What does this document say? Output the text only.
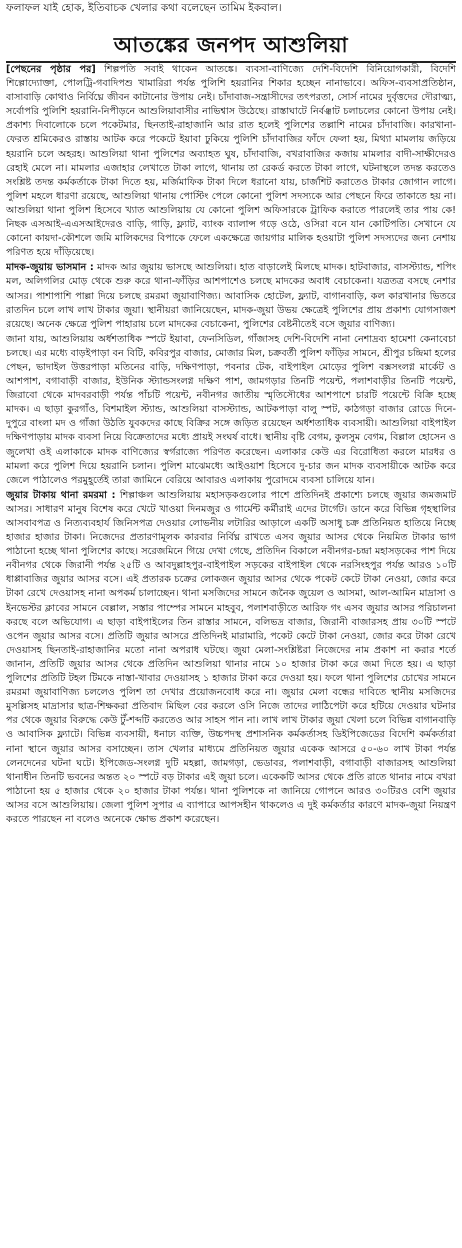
ফলাফল যাই হোক, ইতিবাচক খেলার কথা বলেছেন তামিম ইকবাল।
আতঙ্কের জনপদ আশুলিয়া

[পেছনের পৃষ্ঠার পর] শিল্পপতি সবাই থাকেন আতঙ্কে। ব্যবসা-বাণিজ্যে দেশি-বিদেশি বিনিয়োগকারী, বিদেশি শিল্পোদ্যোক্তা, পোলট্রি-গবাদিপশু খামারিরা পর্যন্ত পুলিশি হয়রানির শিকার হচ্ছেন নানাভাবে। অফিস-ব্যবসাপ্রতিষ্ঠান, বাসাবাড়ি কোথাও নির্বিঘ্নে জীবন কাটানোর উপায় নেই। চাঁদাবাজ-সন্ত্রাসীদের তৎপরতা, সোর্স নামের দুর্বৃত্তদের দৌরাত্ম্য, সর্বোপরি পুলিশি হয়রানি-নিপীড়নে আশুলিয়াবাসীর নাভিশ্বাস উঠেছে। রাস্তাঘাটে নির্বঞ্ঝাট চলাচলের কোনো উপায় নেই। প্রকাশ্য দিবালোকে চলে পকেটমার, ছিনতাই-রাহাজানি আর রাত হলেই পুলিশের তল্লাশি নামের চাঁদাবাজি। কারখানা-ফেরত শ্রমিকেরও রাস্তায় আটক করে পকেটে ইয়াবা ঢুকিয়ে পুলিশি চাঁদাবাজির ফাঁদে ফেলা হয়, মিথ্যা মামলায় জড়িয়ে হয়রানি চলে অহরহ। আশুলিয়া থানা পুলিশের অব্যাহত ঘুষ, চাঁদাবাজি, বখরাবাজির কজায় মামলার বাদী-সাক্ষীদেরও রেহাই মেলে না। মামলার এজাহার লেখাতে টাকা লাগে, থানায় তা রেকর্ড করতে টাকা লাগে, ঘটনাস্থলে তদন্ত করতেও সংশ্লিষ্ট তদন্ত কর্মকর্তাকে টাকা দিতে হয়, মর্জিমাফিক টাকা দিলে ধরানো যায়, চার্জশিট করাতেও টাকার জোগান লাগে। পুলিশ মহলে ধারণা রয়েছে, আশুলিয়া থানায় পোস্টিং পেলে কোনো পুলিশ সদস্যকে আর পেছনে ফিরে তাকাতে হয় না। আশুলিয়া থানা পুলিশ হিসেবে খ্যাত আশুলিয়ায় যে কোনো পুলিশ অফিসারকে ট্রাফিক করাতে পারলেই তার পায় কে! নিছক এসআই-এএসআইদেরও বাড়ি, গাড়ি, ফ্ল্যাট, ব্যাংক ব্যালান্স গড়ে ওঠে, ওসিরা বনে যান কোটিপতি। সেখানে যে কোনো কায়দা-কৌশলে জমি মালিকদের বিপাকে ফেলে একক্ষেত্রে জায়গার মালিক হওয়াটা পুলিশ সদস্যদের জন্য নেশায় পরিণত হয়ে দাঁড়িয়েছে।

মাদক-জুয়ায় ভাসমান : মাদক আর জুয়ায় ভাসছে আশুলিয়া। হাত বাড়ালেই মিলছে মাদক। হাটবাজার, বাসস্ট্যান্ড, শপিং মল, অলিগলির মোড় থেকে শুরু করে থানা-ফাঁড়ির আশপাশেও চলছে মাদকের অবাধ বেচাকেনা। যত্রতত্র বসছে নেশার আসর। পাশাপাশি পাল্লা দিয়ে চলছে রমরমা জুয়াবাণিজ্য। আবাসিক হোটেল, ফ্ল্যাট, বাগানবাড়ি, কল কারখানার ভিতরে রাতদিন চলে লাখ লাখ টাকার জুয়া। স্থানীয়রা জানিয়েছেন, মাদক-জুয়া উভয় ক্ষেত্রেই পুলিশের প্রায় প্রকাশ্য যোগসাজশ রয়েছে। অনেক ক্ষেত্রে পুলিশ পাহারায় চলে মাদকের বেচাকেনা, পুলিশের বেষ্টনীতেই বসে জুয়ার বাণিজ্য।

জানা যায়, আশুলিয়ায় অর্ধশতাধিক স্পটে ইয়াবা, ফেনসিডিল, গাঁজাসহ দেশি-বিদেশি নানা নেশাদ্রব্য হামেশা কেনাবেচা চলছে। এর মধ্যে বাড়ইপাড়া বন বিটি, কবিরপুর বাজার, মোজার মিল, চক্রবর্তী পুলিশ ফাঁড়ির সামনে, শ্রীপুর চন্দ্রিমা হলের পেছন, ভাদাইল উত্তরপাড়া মতিনের বাড়ি, দক্ষিণপাড়া, পবনার টেক, বাইপাইল মোড়ের পুলিশ বক্সসংলগ্ন মার্কেট ও আশপাশ, বগাবাড়ী বাজার, ইউনিক স্ট্যান্ডসংলগ্ন দক্ষিণ পাশ, জামগড়ার তিনটি পয়েন্ট, পলাশবাড়ীর তিনটি পয়েন্ট, জিরাবো থেকে মাদবরবাড়ী পর্যন্ত পাঁচটি পয়েন্ট, নবীনগর জাতীয় স্মৃতিসৌধের আশপাশে চারটি পয়েন্টে বিক্রি হচ্ছে মাদক। এ ছাড়া কুরগাঁও, বিশমাইল স্ট্যান্ড, আশুলিয়া বাসস্ট্যান্ড, আটকপাড়া বালু স্পট, কাঠগড়া বাজার রোডে দিনে-দুপুরে বাংলা মদ ও গাঁজা উঠতি যুবকদের কাছে বিক্রির সঙ্গে জড়িত রয়েছেন অর্ধশতাধিক ব্যবসায়ী। আশুলিয়া বাইপাইল দক্ষিণপাড়ায় মাদক ব্যবসা নিয়ে বিক্রেতাদের মধ্যে প্রায়ই সংঘর্ষ বাধে। স্থানীয় বৃষ্টি বেগম, কুলসুম বেগম, বিল্লাল হোসেন ও জুলেখা ওই এলাকাকে মাদক বাণিজ্যের স্বর্গরাজ্যে পরিণত করেছেন। এলাকার কেউ এর বিরোধিতা করলে মারধর ও মামলা করে পুলিশ দিয়ে হয়রানি চলান। পুলিশ মাঝেমধ্যে আইওয়াশ হিসেবে দু-চার জন মাদক ব্যবসায়ীকে আটক করে জেলে পাঠালেও পরমুহূর্তেই তারা জামিনে বেরিয়ে আবারও এলাকায় পুরোদমে ব্যবসা চালিয়ে যান।

জুয়ার টাকায় থানা রমরমা : শিল্পাঞ্চল আশুলিয়ায় মহাসড়কগুলোর পাশে প্রতিদিনই প্রকাশ্যে চলছে জুয়ার জমজমাট আসর। সাধারণ মানুষ বিশেষ করে খেটে খাওয়া দিনমজুর ও গার্মেন্ট কর্মীরাই এদের টার্গেট। ডানে করে বিভিন্ন গৃহস্থালির আসবাবপত্র ও নিত্যব্যবহার্য জিনিসপত্র দেওয়ার লোভনীয় লটারির আড়ালে একটি অসাধু চক্র প্রতিনিয়ত হাতিয়ে নিচ্ছে হাজার হাজার টাকা। নিজেদের প্রতারণামূলক কারবার নির্বিঘ্ন রাখতে এসব জুয়ার আসর থেকে নিয়মিত টাকার ভাগ পাঠানো হচ্ছে থানা পুলিশের কাছে। সরেজমিনে গিয়ে দেখা গেছে, প্রতিদিন বিকালে নবীনগর-চন্দ্রা মহাসড়কের পাশ দিয়ে নবীনগর থেকে জিরানী পর্যন্ত ২৫টি ও আবদুল্লাহপুর-বাইপাইল সড়কের বাইপাইল থেকে নরসিংহপুর পর্যন্ত আরও ১০টি ধাপ্পাবাজির জুয়ার আসর বসে। এই প্রতারক চক্রের লোকজন জুয়ার আসর থেকে পকেট কেটে টাকা নেওয়া, জোর করে টাকা রেখে দেওয়াসহ নানা অপকর্ম চালাচ্ছেন। থানা মসজিদের সামনে জনৈক জুয়েল ও আসমা, আল-আমিন মাদ্রাসা ও ইনভেস্টর ক্লাবের সামনে বেল্লাল, সস্তার পাম্পের সামনে মাহবুব, পলাশবাড়ীতে আরিফ গং এসব জুয়ার আসর পরিচালনা করছে বলে অভিযোগ। এ ছাড়া বাইপাইলের তিন রাস্তার সামনে, বলিভদ্র বাজার, জিরানী বাজারসহ প্রায় ৩০টি স্পটে ওপেন জুয়ার আসর বসে। প্রতিটি জুয়ার আসরে প্রতিদিনই মারামারি, পকেট কেটে টাকা নেওয়া, জোর করে টাকা রেখে দেওয়াসহ ছিনতাই-রাহাজানির মতো নানা অপরাধ ঘটছে। জুয়া মেলা-সংশ্লিষ্টরা নিজেদের নাম প্রকাশ না করার শর্তে জানান, প্রতিটি জুয়ার আসর থেকে প্রতিদিন আশুলিয়া থানার নামে ১০ হাজার টাকা করে জমা দিতে হয়। এ ছাড়া পুলিশের প্রতিটি টহল টিমকে নাস্তা-খাবার দেওয়াসহ ১ হাজার টাকা করে দেওয়া হয়। ফলে থানা পুলিশের চোখের সামনে রমরমা জুয়াবাণিজ্য চললেও পুলিশ তা দেখার প্রয়োজনবোধ করে না। জুয়ার মেলা বন্ধের দাবিতে স্থানীয় মসজিদের মুসল্লিসহ মাদ্রাসার ছাত্র-শিক্ষকরা প্রতিবাদ মিছিল বের করলে ওসি নিজে তাদের লাঠিপেটা করে হটিয়ে দেওয়ার ঘটনার পর থেকে জুয়ার বিরুদ্ধে কেউ টুঁ-শব্দটি করতেও আর সাহস পান না। লাখ লাখ টাকার জুয়া খেলা চলে বিভিন্ন বাগানবাড়ি ও আবাসিক ফ্ল্যাটে। বিভিন্ন ব্যবসায়ী, ধনাঢ্য ব্যক্তি, উচ্চপদস্থ প্রশাসনিক কর্মকর্তাসহ ডিইপিজেডের বিদেশি কর্মকর্তারা নানা স্থানে জুয়ার আসর বসাচ্ছেন। তাস খেলার মাধ্যমে প্রতিনিয়ত জুয়ার একেক আসরে ৫০-৬০ লাখ টাকা পর্যন্ত লেনদেনের ঘটনা ঘটে। ইপিজেড-সংলগ্ন দুটি মহল্লা, জামগড়া, ভেডাবর, পলাশবাড়ী, বগাবাড়ী বাজারসহ আশুলিয়া থানাধীন তিনটি ভবনের অন্তত ২০ স্পটে বড় টাকার এই জুয়া চলে। একেকটি আসর থেকে প্রতি রাতে থানার নামে বখরা পাঠানো হয় ৫ হাজার থেকে ২০ হাজার টাকা পর্যন্ত। থানা পুলিশকে না জানিয়ে গোপনে আরও ৩০টিরও বেশি জুয়ার আসর বসে আশুলিয়ায়। জেলা পুলিশ সুপার এ ব্যাপারে আপসহীন থাকলেও এ দুই কর্মকর্তার কারণে মাদক-জুয়া নিয়ন্ত্রণ করতে পারছেন না বলেও অনেকে ক্ষোভ প্রকাশ করেছেন।
